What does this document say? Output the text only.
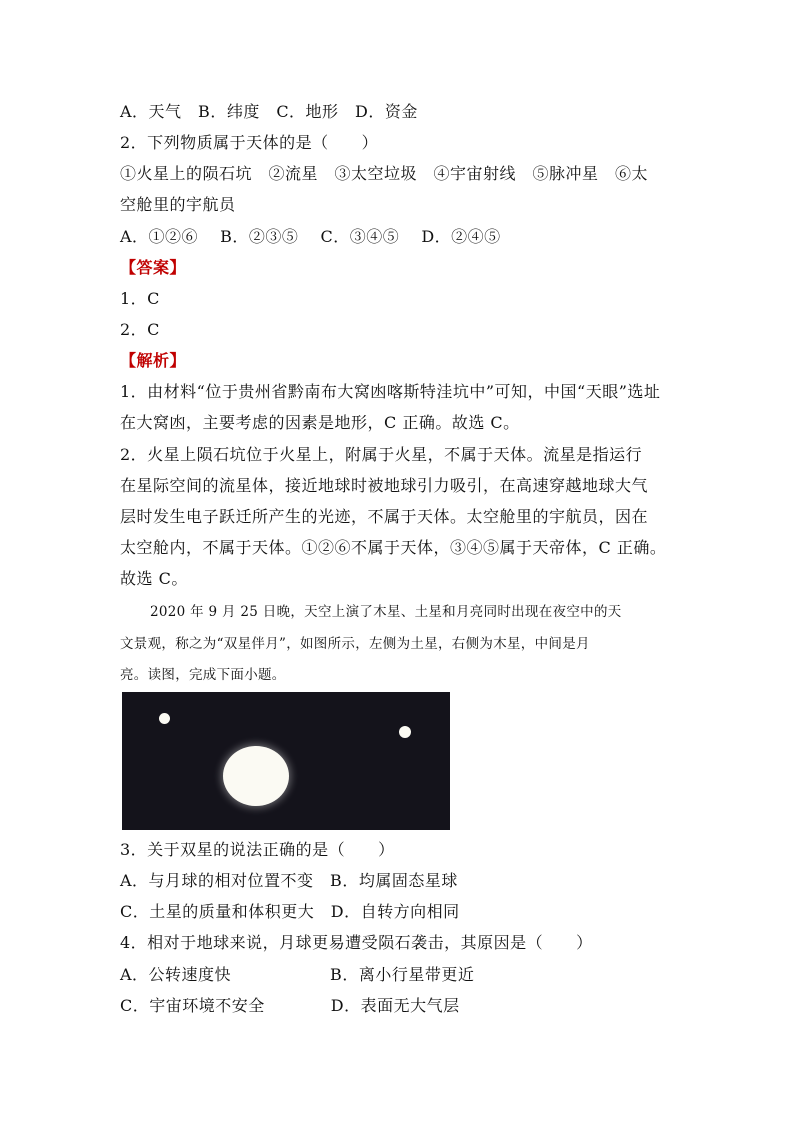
A．天气　B．纬度　C．地形　D．资金
2．下列物质属于天体的是（　　）
①火星上的陨石坑　②流星　③太空垃圾　④宇宙射线　⑤脉冲星　⑥太
空舱里的宇航员
A．①②⑥　 B．②③⑤　 C．③④⑤　 D．②④⑤
【答案】
1．C
2．C
【解析】
1．由材料“位于贵州省黔南布大窝凼喀斯特洼坑中”可知，中国“天眼”选址
在大窝凼，主要考虑的因素是地形，C 正确。故选 C。
2．火星上陨石坑位于火星上，附属于火星，不属于天体。流星是指运行
在星际空间的流星体，接近地球时被地球引力吸引，在高速穿越地球大气
层时发生电子跃迁所产生的光迹，不属于天体。太空舱里的宇航员，因在
太空舱内，不属于天体。①②⑥不属于天体，③④⑤属于天帝体，C 正确。
故选 C。
2020 年 9 月 25 日晚，天空上演了木星、土星和月亮同时出现在夜空中的天
文景观，称之为“双星伴月”，如图所示，左侧为土星，右侧为木星，中间是月
亮。读图，完成下面小题。
3．关于双星的说法正确的是（　　）
A．与月球的相对位置不变　B．均属固态星球
C．土星的质量和体积更大　D．自转方向相同
4．相对于地球来说，月球更易遭受陨石袭击，其原因是（　　）
A．公转速度快　　　　　　B．离小行星带更近
C．宇宙环境不安全　　　　D．表面无大气层
